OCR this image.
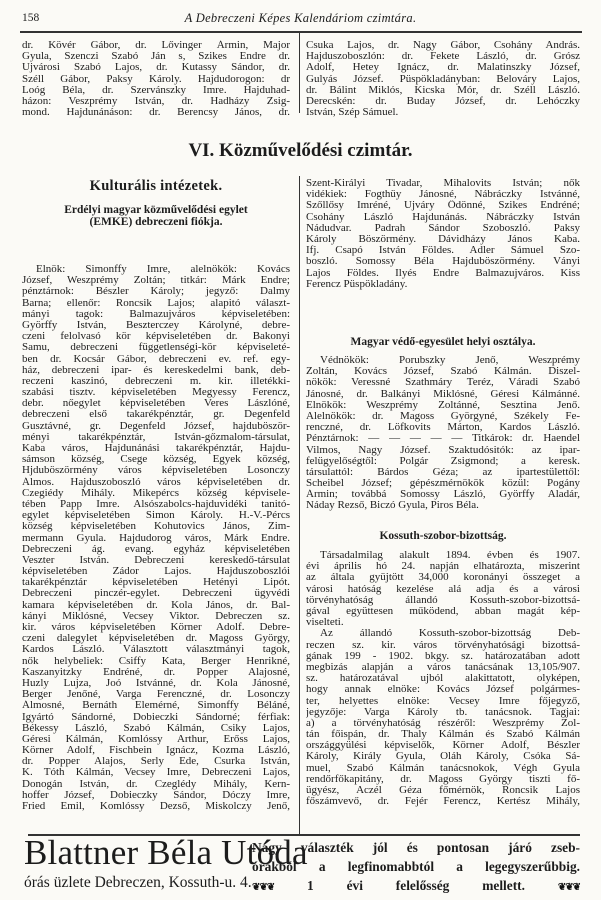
158	A Debreczeni Képes Kalendáriom czimtára.
dr. Kövér Gábor, dr. Lővinger Ármin, Major
Gyula, Szenczi Szabó Ján s, Szikes Endre dr.
Ujvárosi Szabó Lajos, dr. Kutassy Sándor, dr.
Széll Gábor, Paksy Károly. Hajdudorogon: dr
Loóg Béla, dr. Szervánszky Imre. Hajduhad-
házon: Veszprémy István, dr. Hadházy Zsig-
mond. Hajdunánáson: dr. Berencsy János, dr.
Csuka Lajos, dr. Nagy Gábor, Csohány András.
Hajduszoboszlón: dr. Fekete László, dr. Grósz
Adolf, Hetey Ignácz, dr. Malatinszky József,
Gulyás József. Püspökladányban: Belováry Lajos,
dr. Bálint Miklós, Kicska Mór, dr. Széll László.
Derecskén: dr. Buday József, dr. Lehóczky
István, Szép Sámuel.
VI. Közművelődési czimtár.
Kulturális intézetek.
Erdélyi magyar közművelődési egylet
(EMKE) debreczeni fiókja.
Elnök: Simonffy Imre, alelnökök: Kovács
József, Weszprémy Zoltán; titkár: Márk Endre;
pénztárnok: Bészler Károly; jegyző: Dalmy
Barna; ellenőr: Roncsik Lajos; alapitó választ-
mányi tagok: Balmazujváros képviseletében:
Györffy István, Beszterczey Károlyné, debre-
czeni felolvasó kör képviseletében dr. Bakonyi
Samu, debreczeni függetlenségi-kör képviseleté-
ben dr. Kocsár Gábor, debreczeni ev. ref. egy-
ház, debreczeni ipar- és kereskedelmi bank, deb-
reczeni kaszinó, debreczeni m. kir. illetékki-
szabási tisztv. képviseletében Megyessy Ferencz,
debr. nőegylet képviseletében Veres Lászlóné,
debreczeni első takarékpénztár, gr. Degenfeld
Gusztávné, gr. Degenfeld József, hajduböször-
ményi takarékpénztár, István-gőzmalom-társulat,
Kaba város, Hajdunánási takarékpénztár, Hajdu-
sámson község, Csege község, Egyek község,
Hjduböszörmény város képviseletében Losonczy
Álmos. Hajduszoboszló város képviseletében dr.
Czegiédy Mihály. Mikepércs község képvisele-
tében Papp Imre. Alsószabolcs-hajduvidéki tanitó-
egylet képviseletében Simon Károly. H.-V.-Pércs
község képviseletében Kohutovics János, Zim-
mermann Gyula. Hajdudorog város, Márk Endre.
Debreczeni ág. evang. egyház képviseletében
Veszter István. Debreczeni kereskedő-társulat
képviseletében Zádor Lajos. Hajduszoboszlói
takarékpénztár képviseletében Hetényi Lipót.
Debreczeni pinczér-egylet. Debreczeni ügyvédi
kamara képviseletében dr. Kola János, dr. Bal-
kányi Miklósné, Vecsey Viktor. Debreczen sz.
kir. város képviseletében Körner Adolf. Debre-
czeni dalegylet képviseletében dr. Magoss György,
Kardos László. Választott választmányi tagok,
nők helybeliek: Csiffy Kata, Berger Henrikné,
Kaszanyitzky Endréné, dr. Popper Alajosné,
Huzly Lujza, Joó Istvánné, dr. Kola Jánosné,
Berger Jenőné, Varga Ferenczné, dr. Losonczy
Álmosné, Bernáth Elemérné, Simonffy Béláné,
Igyártó Sándorné, Dobieczki Sándorné; férfiak:
Békessy László, Szabó Kálmán, Csiky Lajos,
Géresi Kálmán, Komlóssy Arthur, Erőss Lajos,
Körner Adolf, Fischbein Ignácz, Kozma László,
dr. Popper Alajos, Serly Ede, Csurka István,
K. Tóth Kálmán, Vecsey Imre, Debreczeni Lajos,
Donogán István, dr. Czeglédy Mihály, Kern-
hoffer József, Dobieczky Sándor, Dóczy Imre,
Fried Emil, Komlóssy Dezső, Miskolczy Jenő,
Szent-Királyi Tivadar, Mihalovits István; nők
vidékiek: Fogthüy Jánosné, Nábráczky Istvánné,
Szőllősy Imréné, Ujváry Ödönné, Szikes Endréné;
Csohány László Hajdunánás. Nábráczky István
Nádudvar. Padrah Sándor Szoboszló. Paksy
Károly Böszörmény. Dávidházy János Kaba.
Ifj. Csapó István Földes. Adler Sámuel Szo-
boszló. Somossy Béla Hajduböszörmény. Ványi
Lajos Földes. Ilyés Endre Balmazujváros. Kiss
Ferencz Püspökladány.
Magyar védő-egyesület helyi osztálya.
Védnökök: Porubszky Jenő, Weszprémy
Zoltán, Kovács József, Szabó Kálmán. Diszel-
nökök: Veressné Szathmáry Teréz, Váradi Szabó
Jánosné, dr. Balkányi Miklósné, Géresi Kálmánné.
Elnökök: Weszprémy Zoltánné, Sesztina Jenő.
Alelnökök: dr. Magoss Györgyné, Székely Fe-
renczné, dr. Löfkovits Márton, Kardos László.
Pénztárnok: — — — — — Titkárok: dr. Haendel
Vilmos, Nagy József. Szaktudósitók: az ipar-
felügyelőségtől: Polgár Zsigmond; a keresk.
társulattól: Bárdos Géza; az ipartestülettől:
Scheibel József; gépészmérnökök közül: Pogány
Ármin; továbbá Somossy László, Györffy Aladár,
Náday Rezső, Biczó Gyula, Piros Béla.
Kossuth-szobor-bizottság.
Társadalmilag alakult 1894. évben és 1907.
évi április hó 24. napján elhatározta, miszerint
az általa gyüjtött 34,000 koronányi összeget a
városi hatóság kezelése alá adja és a városi
törvényhatóság állandó Kossuth-szobor-bizottsá-
gával együttesen működend, abban magát kép-
viselteti.
Az állandó Kossuth-szobor-bizottság Deb-
reczen sz. kir. város törvényhatósági bizottsá-
gának 199 - 1902. bkgy. sz. határozatában adott
megbizás alapján a város tanácsának 13,105/907.
sz. határozatával ujból alakittatott, olyképen,
hogy annak elnöke: Kovács József polgármes-
ter, helyettes elnöke: Vecsey Imre főjegyző,
jegyzője: Varga Károly tb. tanácsnok. Tagjai:
a) a törvényhatóság részéről: Weszprémy Zol-
tán főispán, dr. Thaly Kálmán és Szabó Kálmán
országgyülési képviselők, Körner Adolf, Bészler
Károly, Király Gyula, Oláh Károly, Csóka Sá-
muel, Szabó Kálmán tanácsnokok, Végh Gyula
rendőrfőkapitány, dr. Magoss György tiszti fő-
ügyész, Aczél Géza főmérnök, Roncsik Lajos
főszámvevő, dr. Fejér Ferencz, Kertész Mihály,
Blattner Béla Utóda
órás üzlete Debreczen, Kossuth-u. 4.
Nagy választék jól és pontosan járó zseb-
órákból a legfinomabbtól a legegyszerűbbig.
❦❦❦ 1 évi felelősség mellett.	❦❦❦
